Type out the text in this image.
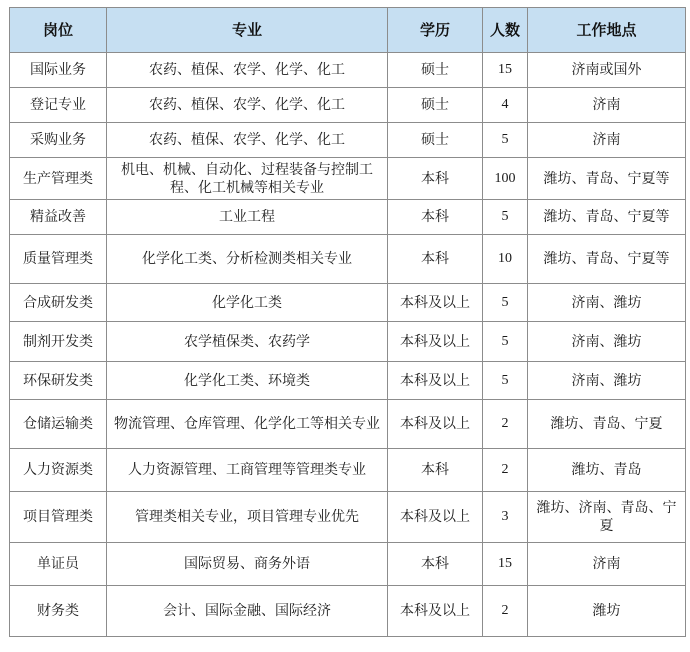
岗位	专业	学历	人数	工作地点
国际业务	农药、植保、农学、化学、化工	硕士	15	济南或国外
登记专业	农药、植保、农学、化学、化工	硕士	4	济南
采购业务	农药、植保、农学、化学、化工	硕士	5	济南
生产管理类	机电、机械、自动化、过程装备与控制工程、化工机械等相关专业	本科	100	潍坊、青岛、宁夏等
精益改善	工业工程	本科	5	潍坊、青岛、宁夏等
质量管理类	化学化工类、分析检测类相关专业	本科	10	潍坊、青岛、宁夏等
合成研发类	化学化工类	本科及以上	5	济南、潍坊
制剂开发类	农学植保类、农药学	本科及以上	5	济南、潍坊
环保研发类	化学化工类、环境类	本科及以上	5	济南、潍坊
仓储运输类	物流管理、仓库管理、化学化工等相关专业	本科及以上	2	潍坊、青岛、宁夏
人力资源类	人力资源管理、工商管理等管理类专业	本科	2	潍坊、青岛
项目管理类	管理类相关专业，项目管理专业优先	本科及以上	3	潍坊、济南、青岛、宁夏
单证员	国际贸易、商务外语	本科	15	济南
财务类	会计、国际金融、国际经济	本科及以上	2	潍坊
